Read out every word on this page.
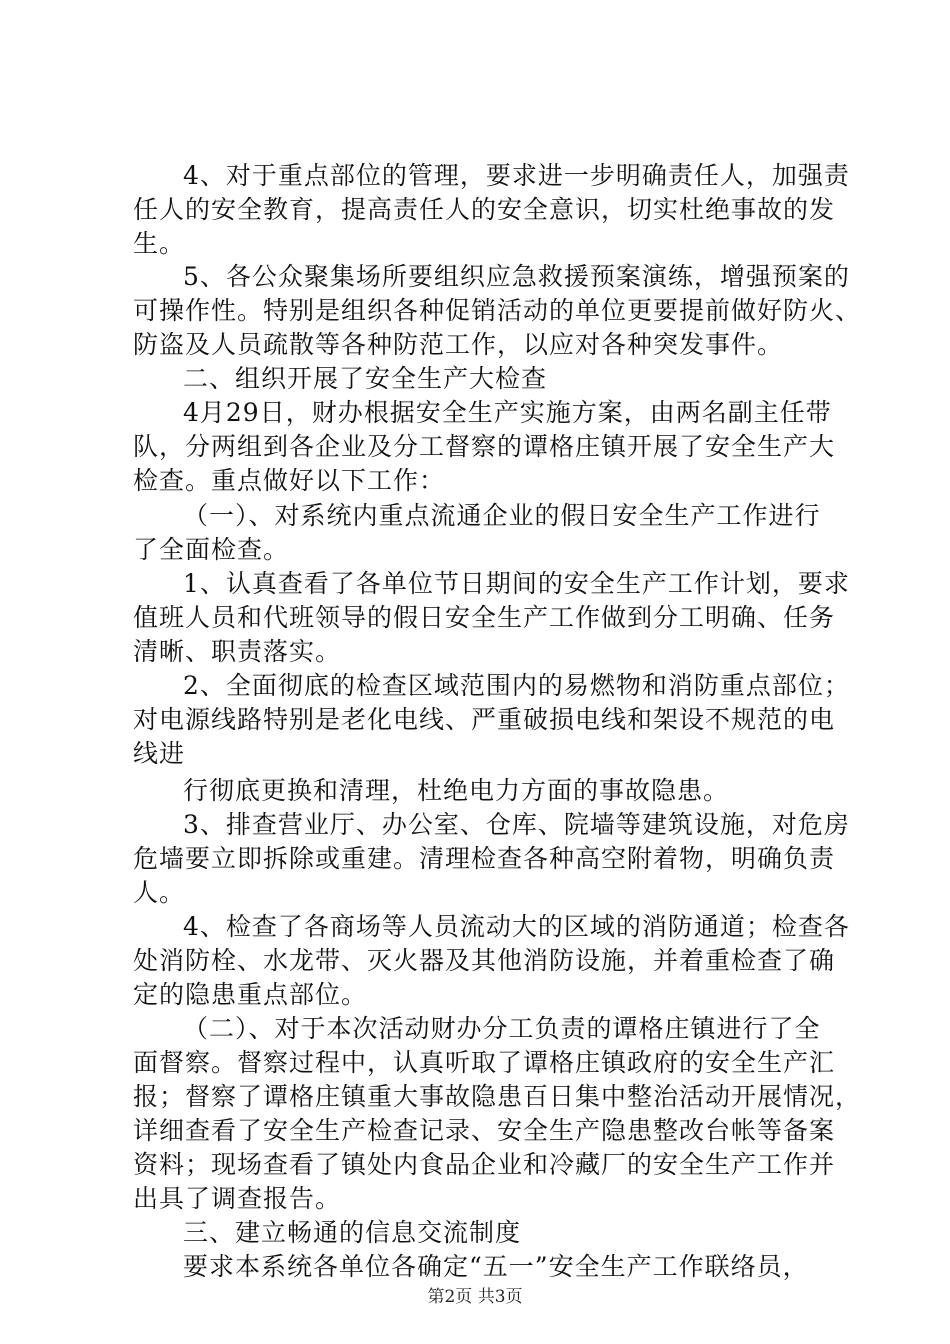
4、对于重点部位的管理，要求进一步明确责任人，加强责
任人的安全教育，提高责任人的安全意识，切实杜绝事故的发
生。
5、各公众聚集场所要组织应急救援预案演练，增强预案的
可操作性。特别是组织各种促销活动的单位更要提前做好防火、
防盗及人员疏散等各种防范工作，以应对各种突发事件。
二、组织开展了安全生产大检查
4月29日，财办根据安全生产实施方案，由两名副主任带
队，分两组到各企业及分工督察的谭格庄镇开展了安全生产大
检查。重点做好以下工作：
（一）、对系统内重点流通企业的假日安全生产工作进行
了全面检查。
1、认真查看了各单位节日期间的安全生产工作计划，要求
值班人员和代班领导的假日安全生产工作做到分工明确、任务
清晰、职责落实。
2、全面彻底的检查区域范围内的易燃物和消防重点部位；
对电源线路特别是老化电线、严重破损电线和架设不规范的电
线进
行彻底更换和清理，杜绝电力方面的事故隐患。
3、排查营业厅、办公室、仓库、院墙等建筑设施，对危房
危墙要立即拆除或重建。清理检查各种高空附着物，明确负责
人。
4、检查了各商场等人员流动大的区域的消防通道；检查各
处消防栓、水龙带、灭火器及其他消防设施，并着重检查了确
定的隐患重点部位。
（二）、对于本次活动财办分工负责的谭格庄镇进行了全
面督察。督察过程中，认真听取了谭格庄镇政府的安全生产汇
报；督察了谭格庄镇重大事故隐患百日集中整治活动开展情况，
详细查看了安全生产检查记录、安全生产隐患整改台帐等备案
资料；现场查看了镇处内食品企业和冷藏厂的安全生产工作并
出具了调查报告。
三、建立畅通的信息交流制度
要求本系统各单位各确定“五一”安全生产工作联络员，
第2页 共3页
